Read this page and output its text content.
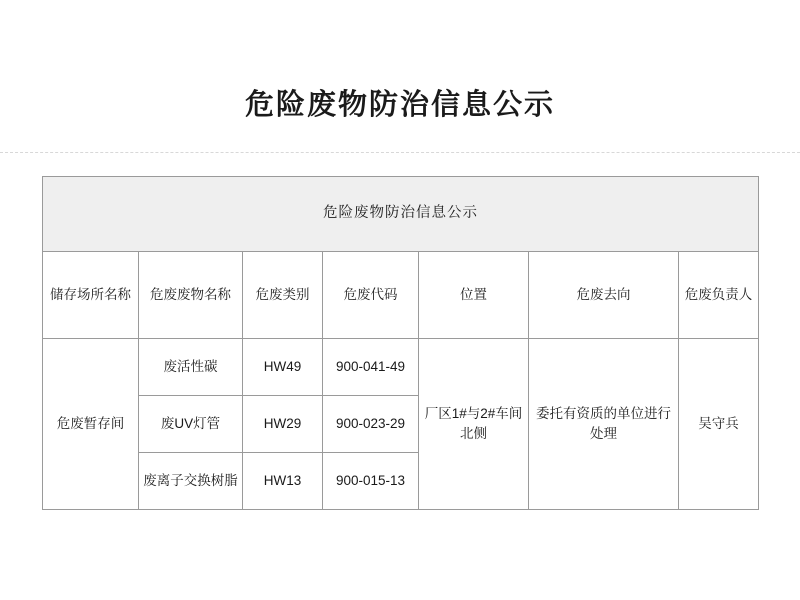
危险废物防治信息公示
危险废物防治信息公示						
储存场所名称	危废废物名称	危废类别	危废代码	位置	危废去向	危废负责人
危废暂存间	废活性碳	HW49	900-041-49	厂区1#与2#车间北侧	委托有资质的单位进行处理	吴守兵
	废UV灯管	HW29	900-023-29			
	废离子交换树脂	HW13	900-015-13			
